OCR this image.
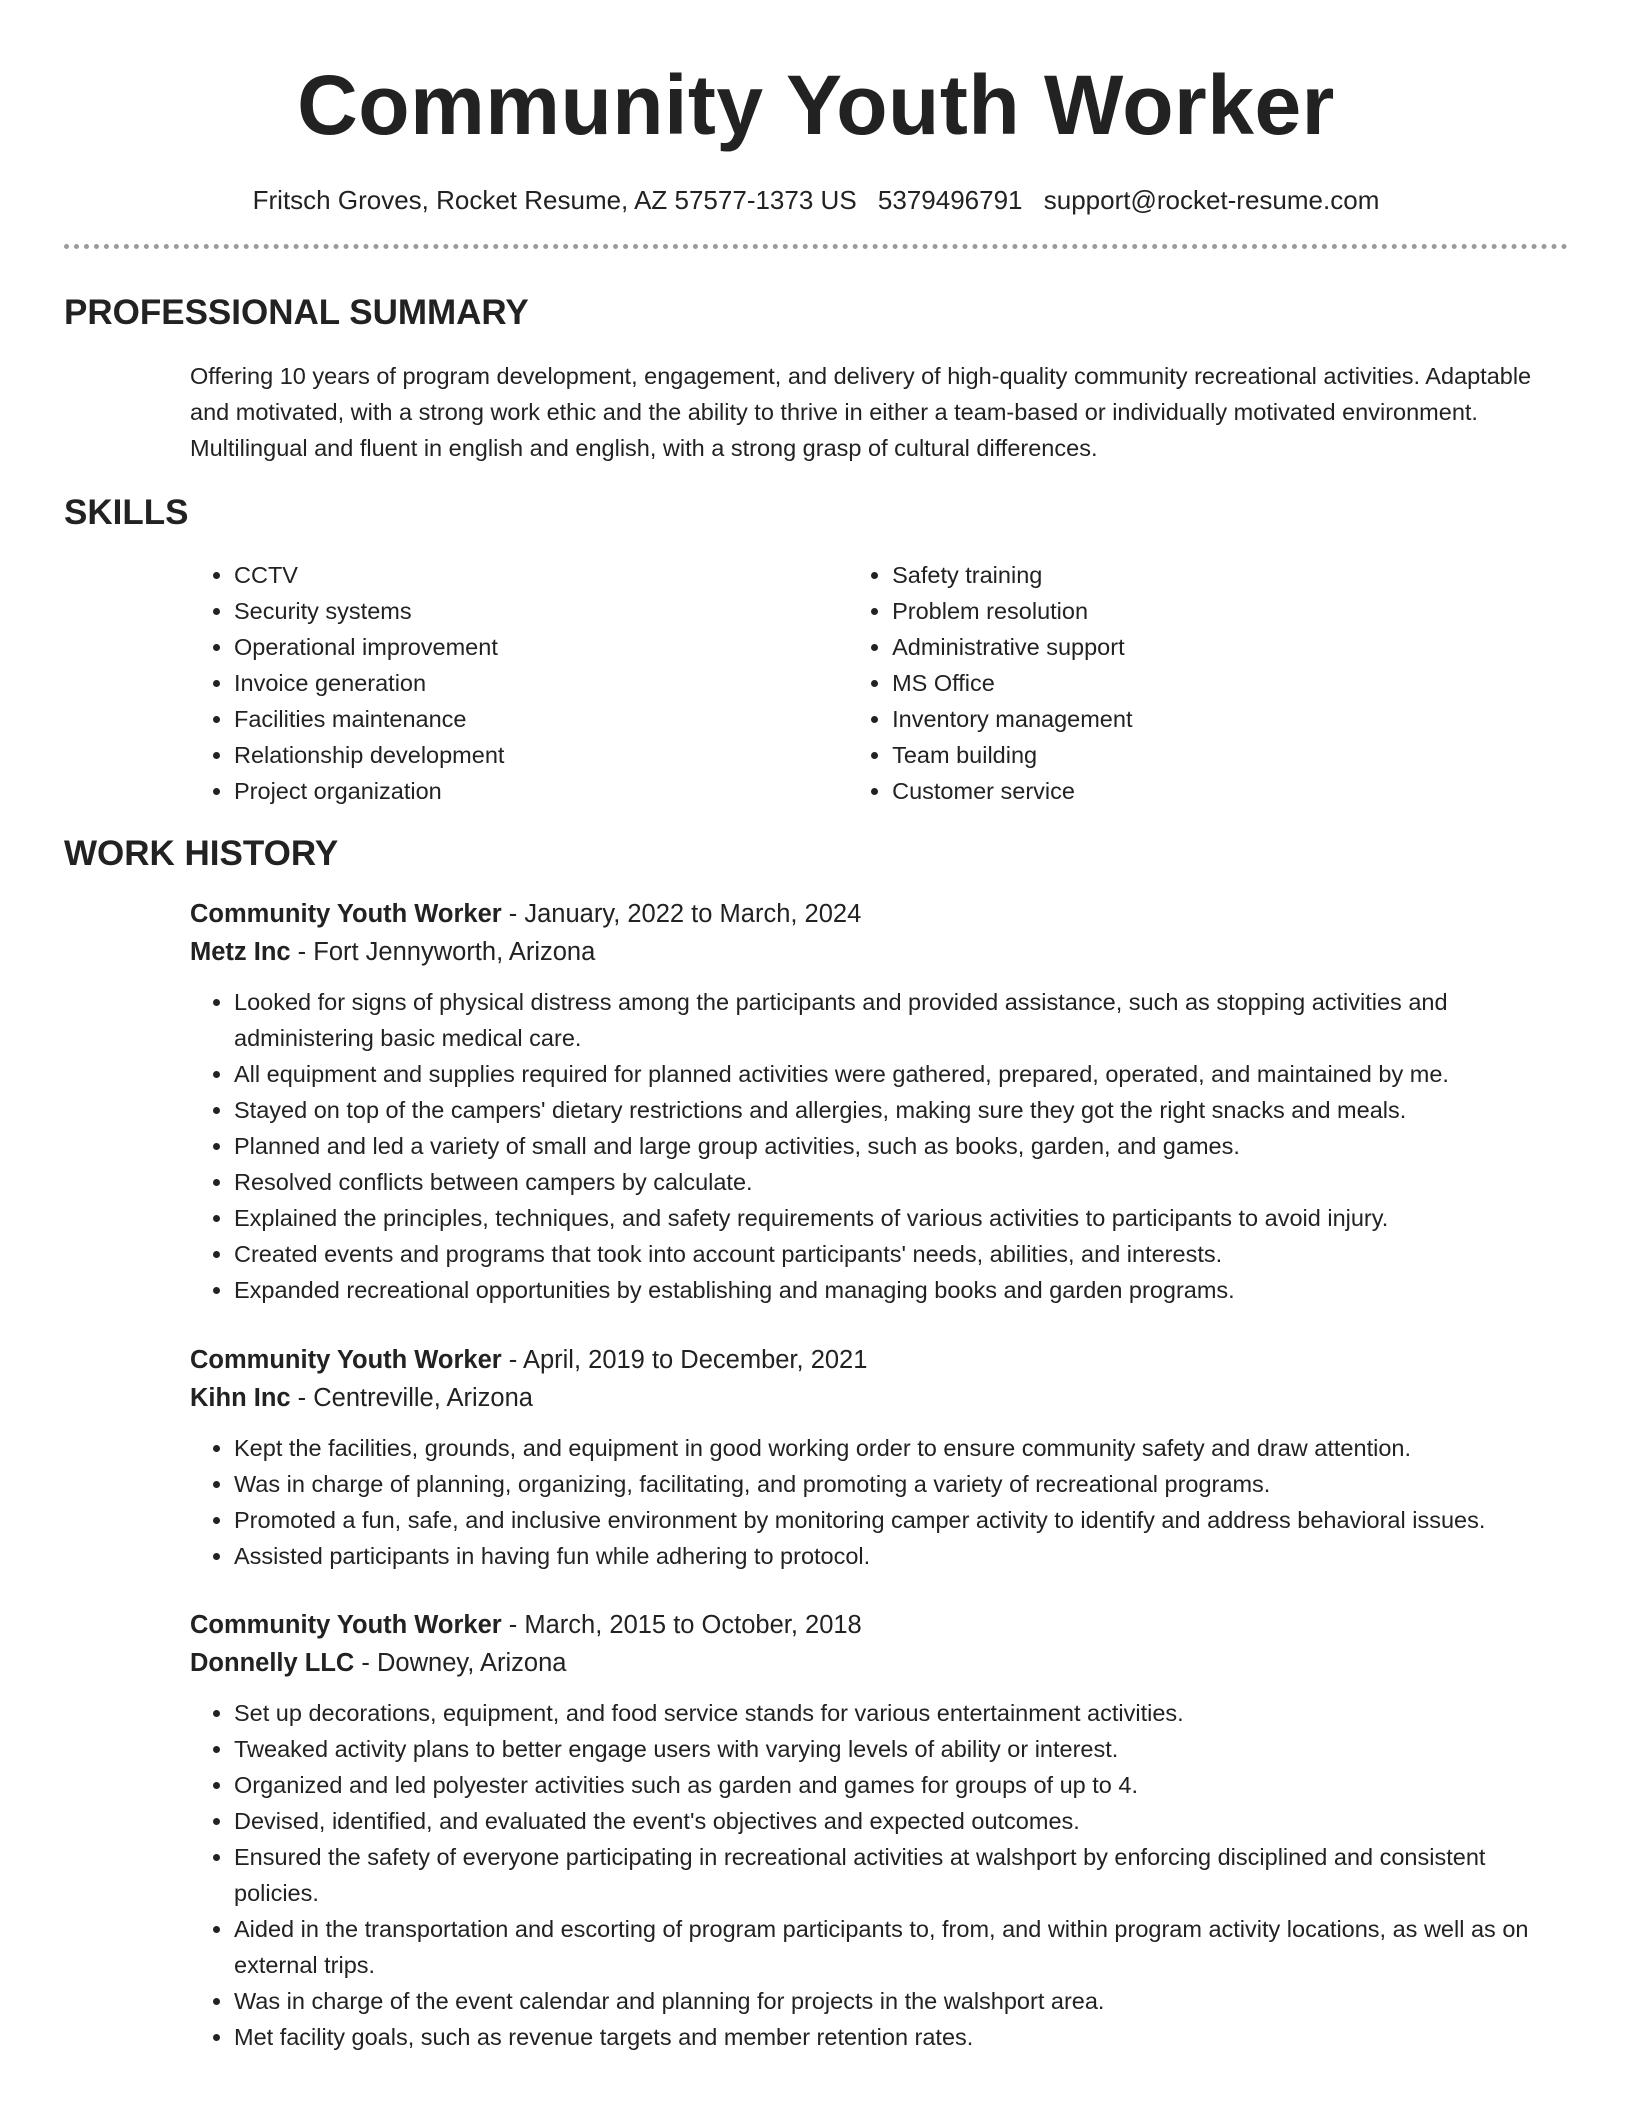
Community Youth Worker
Fritsch Groves, Rocket Resume, AZ 57577-1373 US 5379496791 support@rocket-resume.com
PROFESSIONAL SUMMARY

Offering 10 years of program development, engagement, and delivery of high-quality community recreational activities. Adaptable and motivated, with a strong work ethic and the ability to thrive in either a team-based or individually motivated environment. Multilingual and fluent in english and english, with a strong grasp of cultural differences.

SKILLS
• CCTV
• Security systems
• Operational improvement
• Invoice generation
• Facilities maintenance
• Relationship development
• Project organization
• Safety training
• Problem resolution
• Administrative support
• MS Office
• Inventory management
• Team building
• Customer service
WORK HISTORY
Community Youth Worker - January, 2022 to March, 2024
Metz Inc - Fort Jennyworth, Arizona
• Looked for signs of physical distress among the participants and provided assistance, such as stopping activities and administering basic medical care.
• All equipment and supplies required for planned activities were gathered, prepared, operated, and maintained by me.
• Stayed on top of the campers' dietary restrictions and allergies, making sure they got the right snacks and meals.
• Planned and led a variety of small and large group activities, such as books, garden, and games.
• Resolved conflicts between campers by calculate.
• Explained the principles, techniques, and safety requirements of various activities to participants to avoid injury.
• Created events and programs that took into account participants' needs, abilities, and interests.
• Expanded recreational opportunities by establishing and managing books and garden programs.
Community Youth Worker - April, 2019 to December, 2021
Kihn Inc - Centreville, Arizona
• Kept the facilities, grounds, and equipment in good working order to ensure community safety and draw attention.
• Was in charge of planning, organizing, facilitating, and promoting a variety of recreational programs.
• Promoted a fun, safe, and inclusive environment by monitoring camper activity to identify and address behavioral issues.
• Assisted participants in having fun while adhering to protocol.
Community Youth Worker - March, 2015 to October, 2018
Donnelly LLC - Downey, Arizona
• Set up decorations, equipment, and food service stands for various entertainment activities.
• Tweaked activity plans to better engage users with varying levels of ability or interest.
• Organized and led polyester activities such as garden and games for groups of up to 4.
• Devised, identified, and evaluated the event's objectives and expected outcomes.
• Ensured the safety of everyone participating in recreational activities at walshport by enforcing disciplined and consistent policies.
• Aided in the transportation and escorting of program participants to, from, and within program activity locations, as well as on external trips.
• Was in charge of the event calendar and planning for projects in the walshport area.
• Met facility goals, such as revenue targets and member retention rates.
